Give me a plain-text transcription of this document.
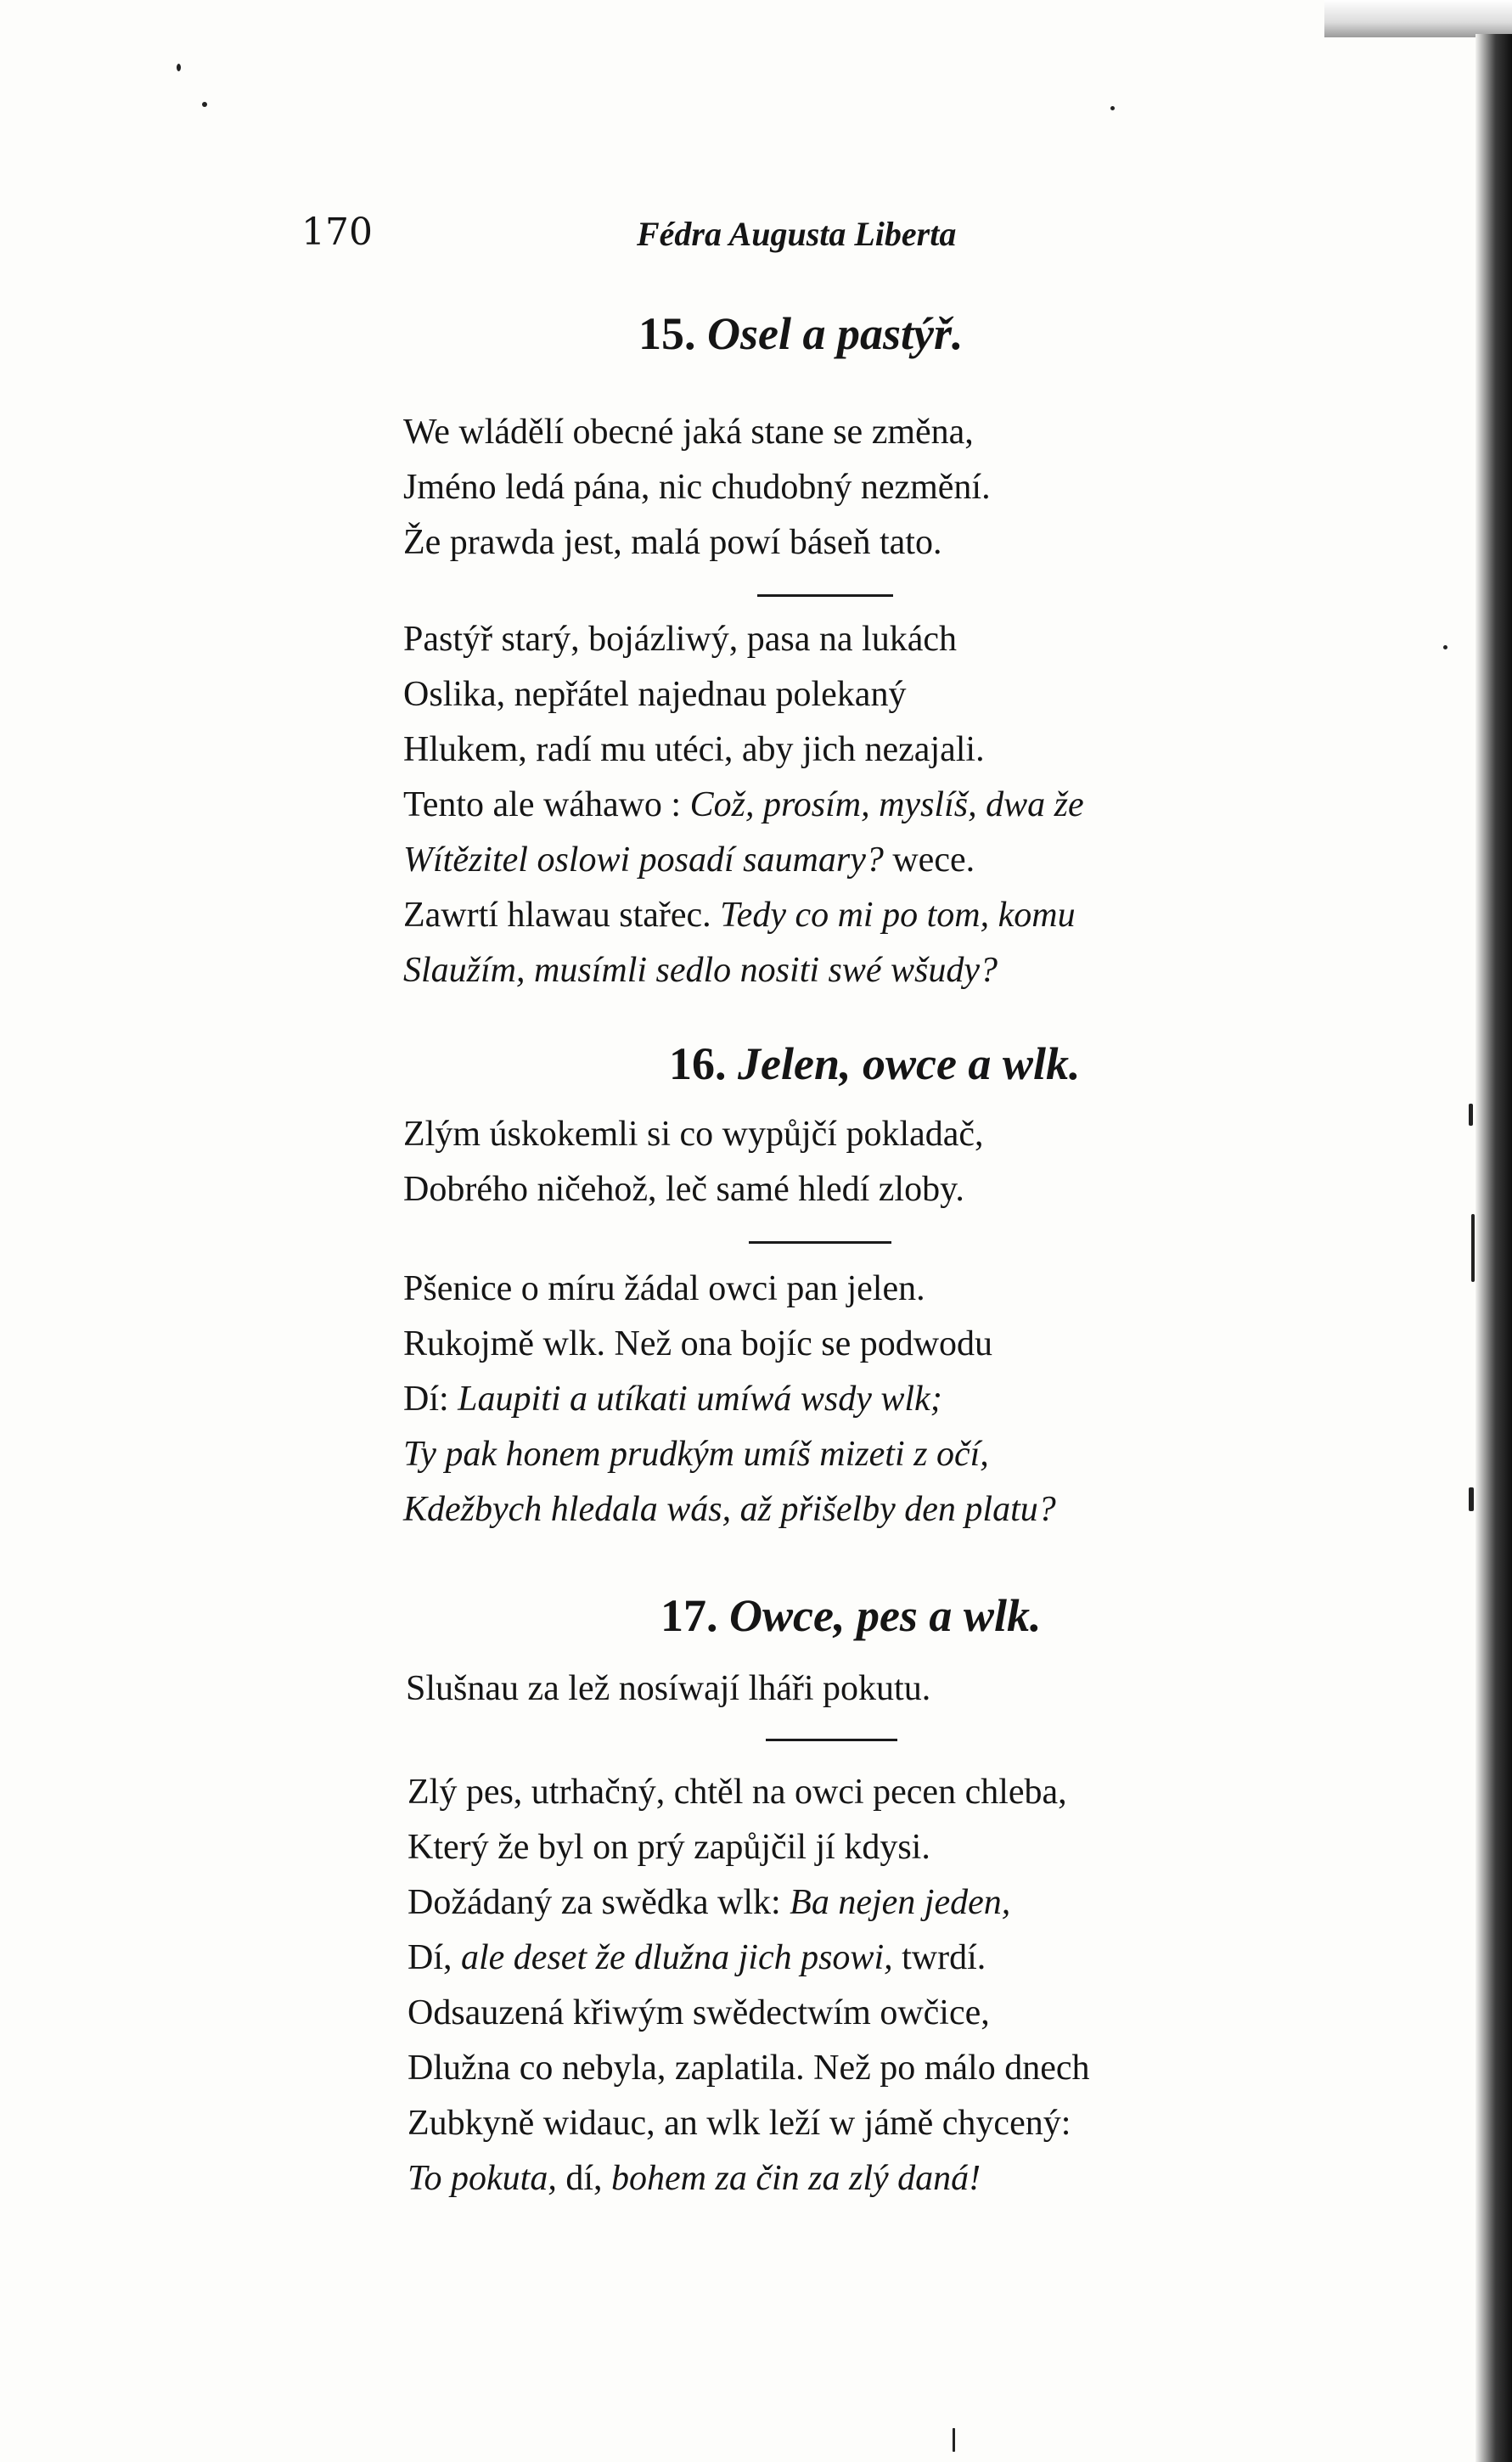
170	Fédra Augusta Liberta
15. Osel a pastýř.
We wládělí obecné jaká stane se změna,
Jméno ledá pána, nic chudobný nezmění.
Že prawda jest, malá powí báseň tato.
Pastýř starý, bojázliwý, pasa na lukách
Oslika, nepřátel najednau polekaný
Hlukem, radí mu utéci, aby jich nezajali.
Tento ale wáhawo : Což, prosím, myslíš, dwa že
Wítězitel oslowi posadí saumary? wece.
Zawrtí hlawau stařec. Tedy co mi po tom, komu
Slaužím, musímli sedlo nositi swé wšudy?
16. Jelen, owce a wlk.
Zlým úskokemli si co wypůjčí pokladač,
Dobrého ničehož, leč samé hledí zloby.
Pšenice o míru žádal owci pan jelen.
Rukojmě wlk. Než ona bojíc se podwodu
Dí: Laupiti a utíkati umíwá wsdy wlk;
Ty pak honem prudkým umíš mizeti z očí,
Kdežbych hledala wás, až přišelby den platu?
17. Owce, pes a wlk.
Slušnau za lež nosíwají lháři pokutu.
Zlý pes, utrhačný, chtěl na owci pecen chleba,
Který že byl on prý zapůjčil jí kdysi.
Dožádaný za swědka wlk: Ba nejen jeden,
Dí, ale deset že dlužna jich psowi, twrdí.
Odsauzená křiwým swědectwím owčice,
Dlužna co nebyla, zaplatila. Než po málo dnech
Zubkyně widauc, an wlk leží w jámě chycený:
To pokuta, dí, bohem za čin za zlý daná!
